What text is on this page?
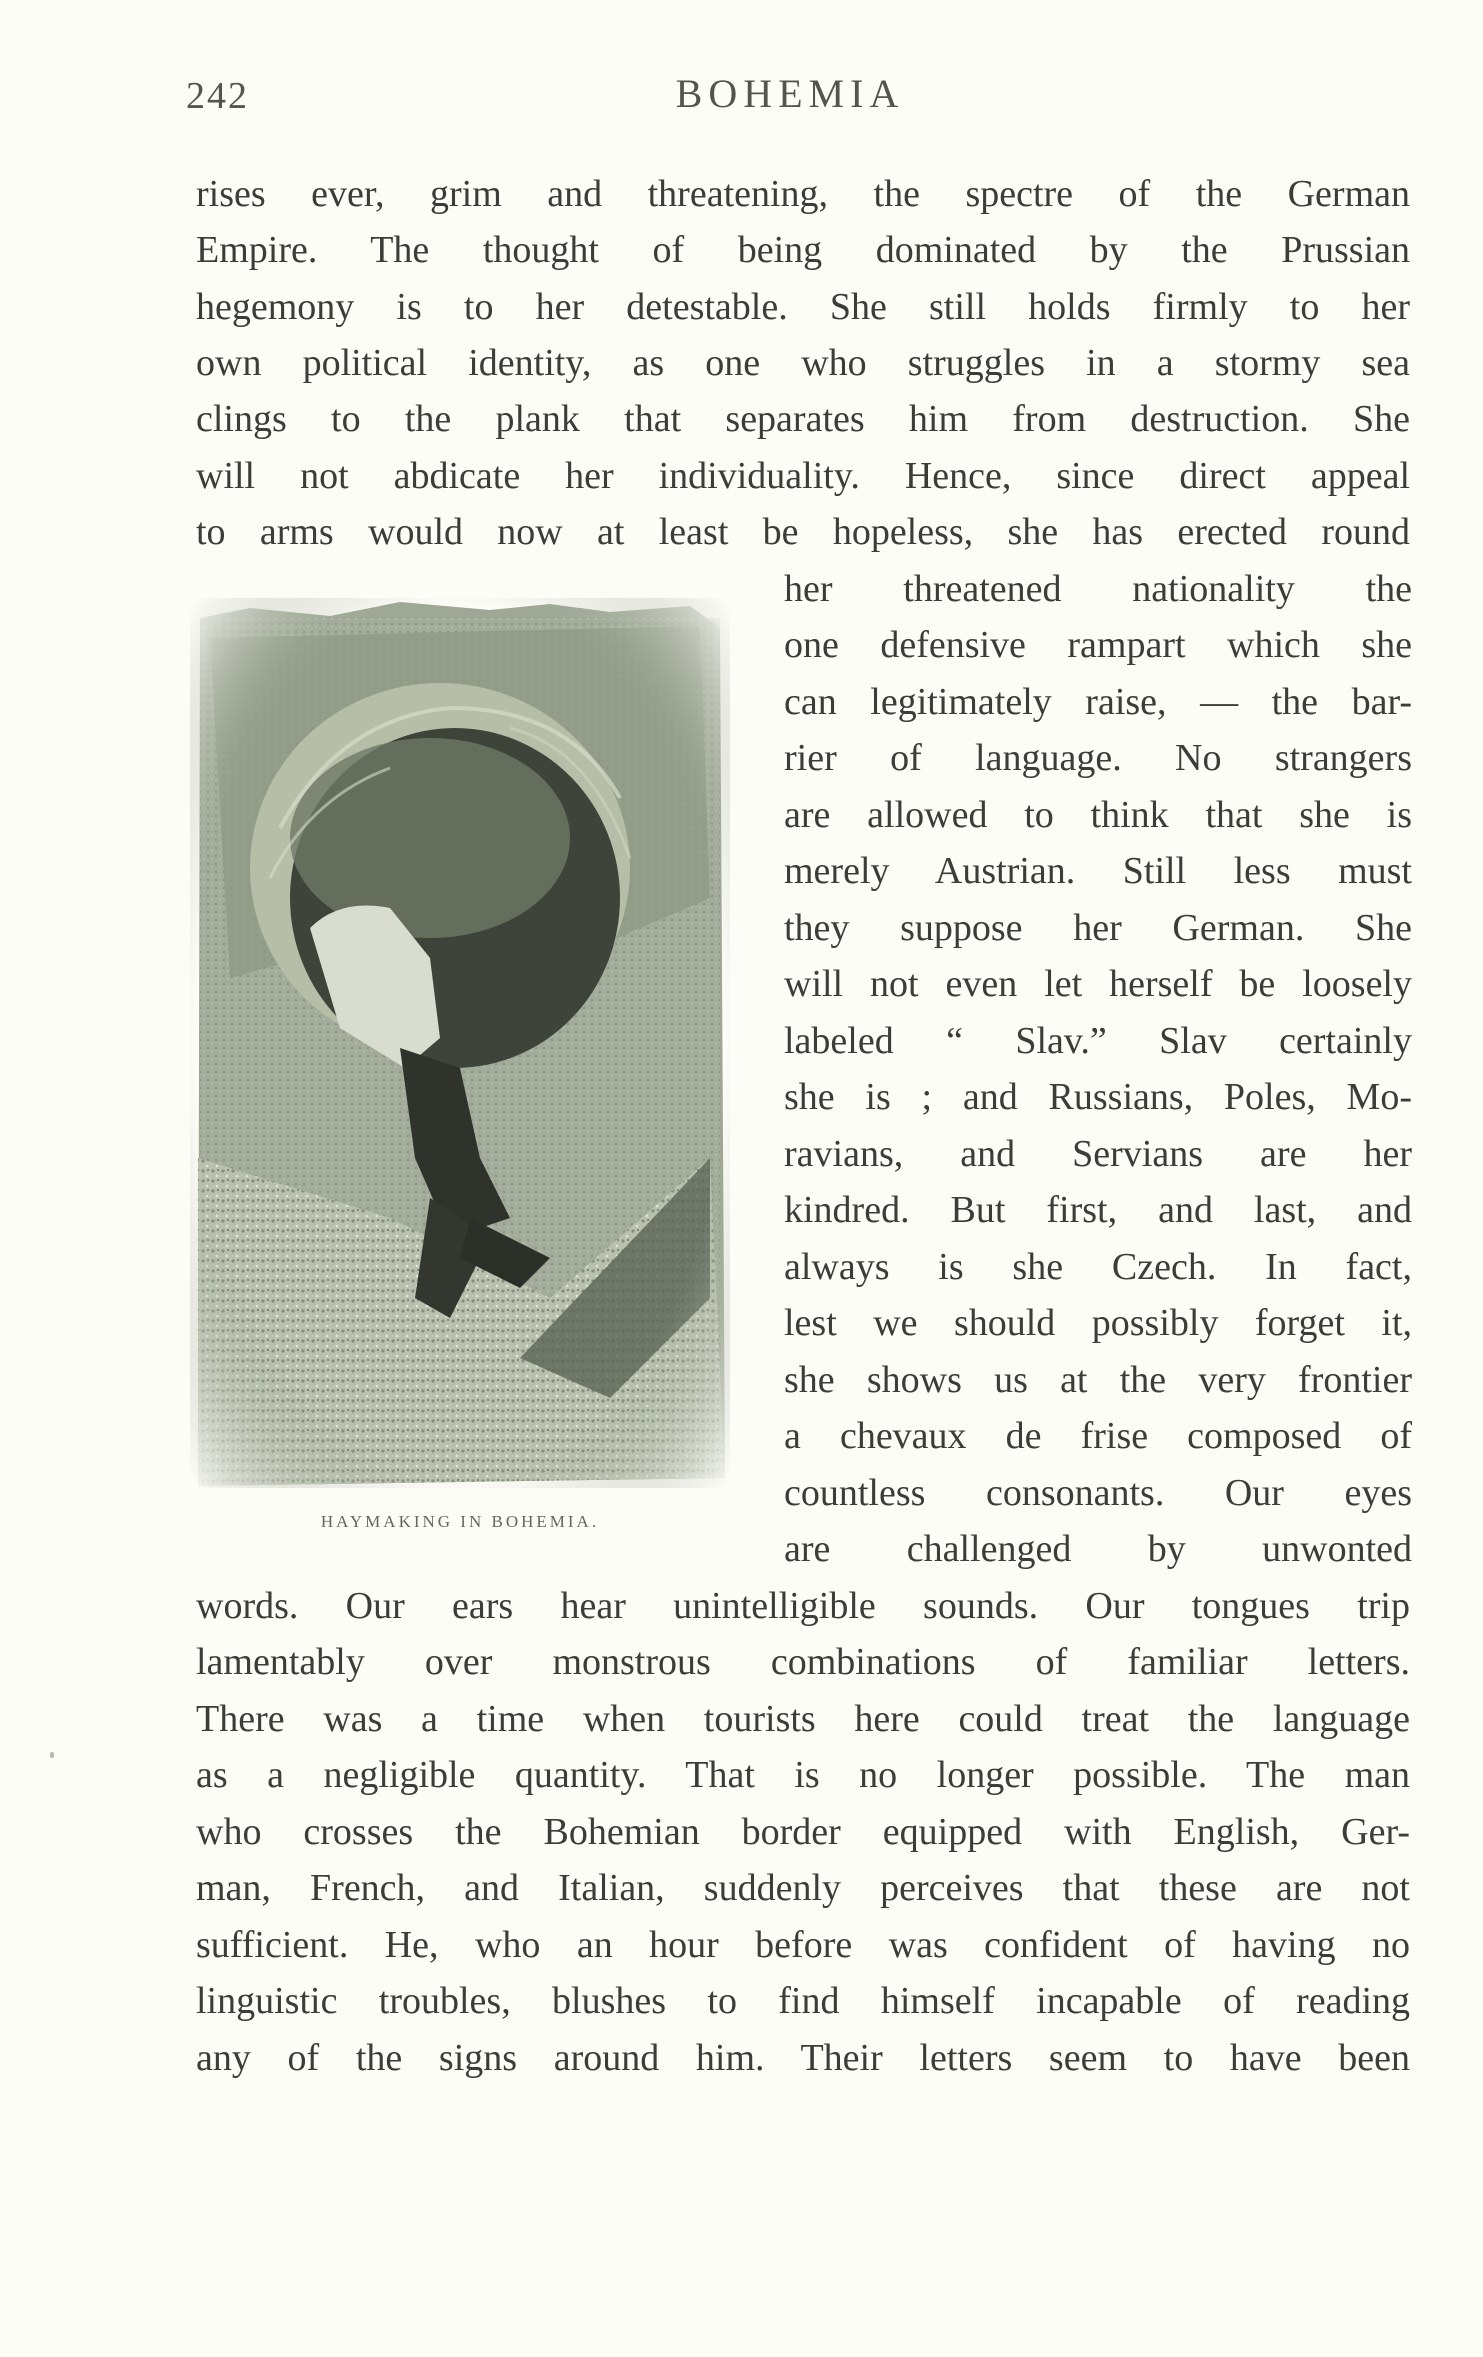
242	BOHEMIA
rises ever, grim and threatening, the spectre of the German
Empire. The thought of being dominated by the Prussian
hegemony is to her detestable. She still holds firmly to her
own political identity, as one who struggles in a stormy sea
clings to the plank that separates him from destruction. She
will not abdicate her individuality. Hence, since direct appeal
to arms would now at least be hopeless, she has erected round
her threatened nationality the
one defensive rampart which she
can legitimately raise, — the bar-
rier of language. No strangers
are allowed to think that she is
merely Austrian. Still less must
they suppose her German. She
will not even let herself be loosely
labeled “ Slav.” Slav certainly
she is ; and Russians, Poles, Mo-
ravians, and Servians are her
kindred. But first, and last, and
always is she Czech. In fact,
lest we should possibly forget it,
she shows us at the very frontier
a chevaux de frise composed of
countless consonants. Our eyes
are challenged by unwonted
words. Our ears hear unintelligible sounds. Our tongues trip
lamentably over monstrous combinations of familiar letters.
There was a time when tourists here could treat the language
as a negligible quantity. That is no longer possible. The man
who crosses the Bohemian border equipped with English, Ger-
man, French, and Italian, suddenly perceives that these are not
sufficient. He, who an hour before was confident of having no
linguistic troubles, blushes to find himself incapable of reading
any of the signs around him. Their letters seem to have been
HAYMAKING IN BOHEMIA.
